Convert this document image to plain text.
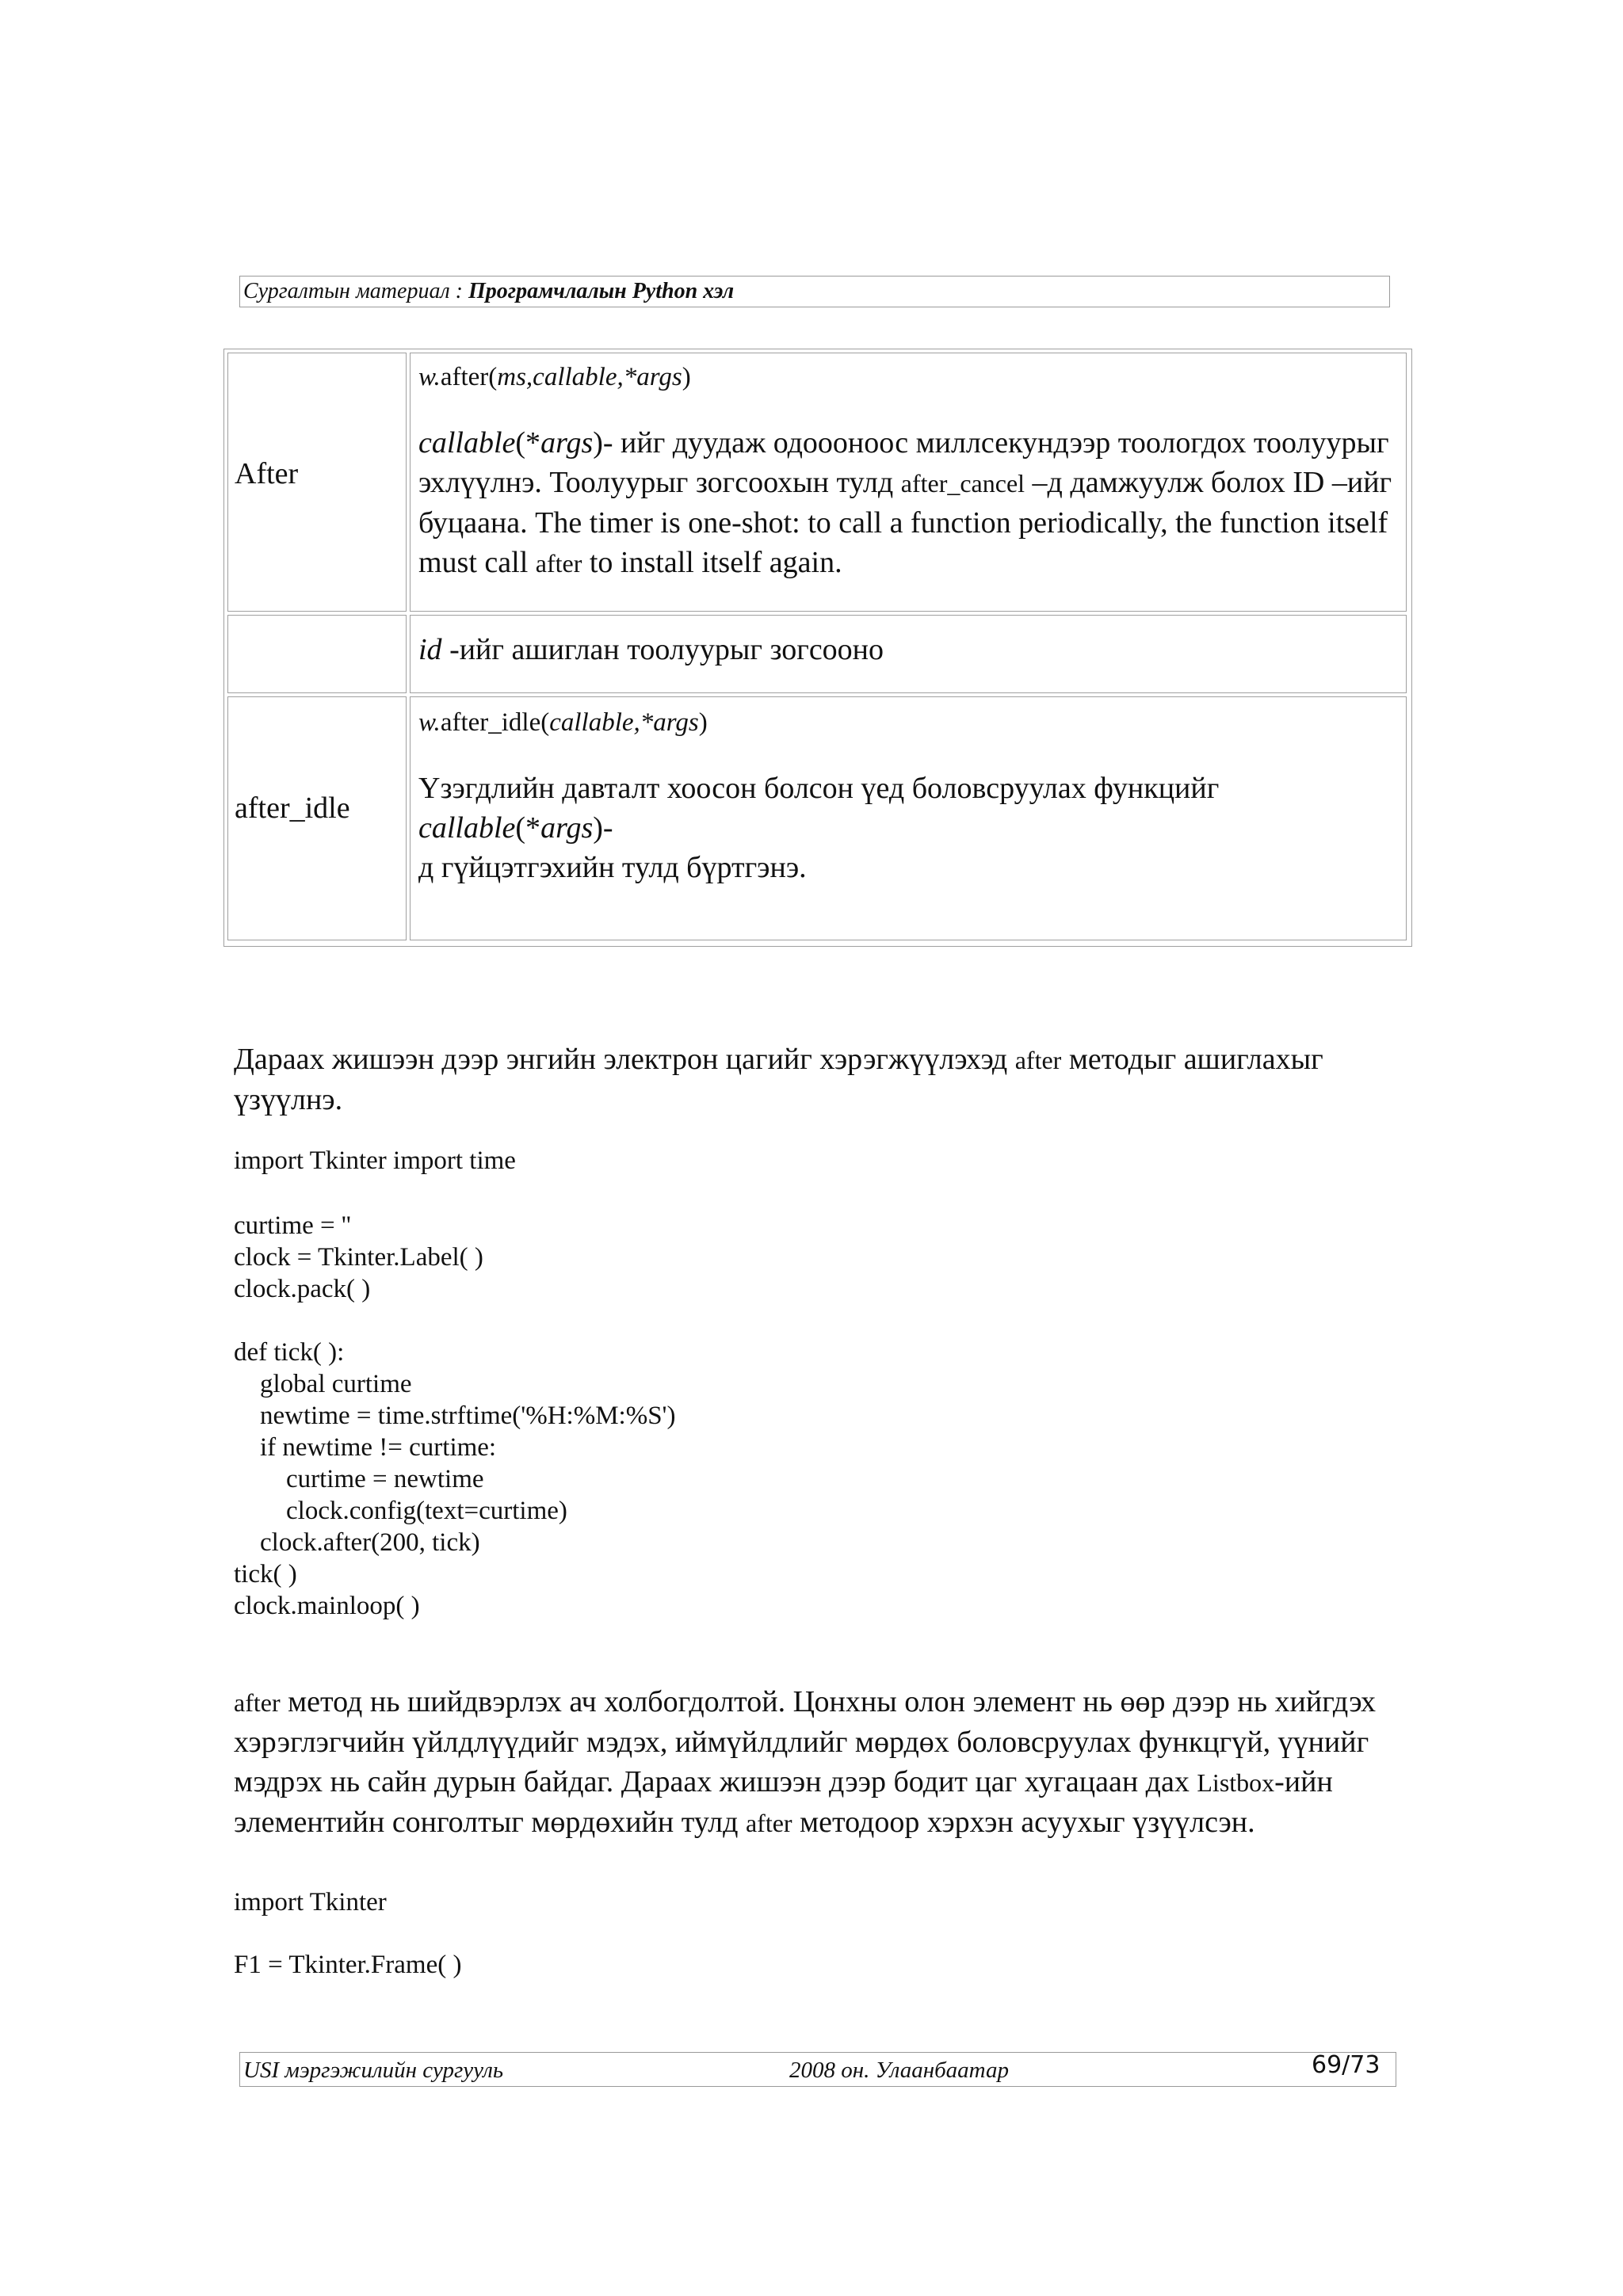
Сургалтын материал : Програмчлалын Python хэл
After
w.after(ms,callable,*args)
callable(*args)- ийг дуудаж одоооноос миллсекундээр тоологдох тоолуурыг
эхлүүлнэ. Тоолуурыг зогсоохын тулд after_cancel –д дамжуулж болох ID –ийг
буцаана. The timer is one-shot: to call a function periodically, the function itself
must call after to install itself again.
id -ийг ашиглан тоолуурыг зогсооно
after_idle
w.after_idle(callable,*args)
Үзэгдлийн давталт хоосон болсон үед боловсруулах функцийг callable(*args)-
д гүйцэтгэхийн тулд бүртгэнэ.
Дараах жишээн дээр энгийн электрон цагийг хэрэгжүүлэхэд after методыг ашиглахыг
үзүүлнэ.
import Tkinter import time
curtime = ''
clock = Tkinter.Label( )
clock.pack( )

def tick( ):
global curtime
newtime = time.strftime('%H:%M:%S')
if newtime != curtime:
curtime = newtime
clock.config(text=curtime)
clock.after(200, tick)
tick( )
clock.mainloop( )
after метод нь шийдвэрлэх ач холбогдолтой. Цонхны олон элемент нь өөр дээр нь хийгдэх
хэрэглэгчийн үйлдлүүдийг мэдэх, иймүйлдлийг мөрдөх боловсруулах функцгүй, үүнийг
мэдрэх нь сайн дурын байдаг. Дараах жишээн дээр бодит цаг хугацаан дах Listbox-ийн
элементийн сонголтыг мөрдөхийн тулд after методоор хэрхэн асуухыг үзүүлсэн.
import Tkinter
F1 = Tkinter.Frame( )
USI мэргэжилийн сургууль	2008 он. Улаанбаатар	69/73
